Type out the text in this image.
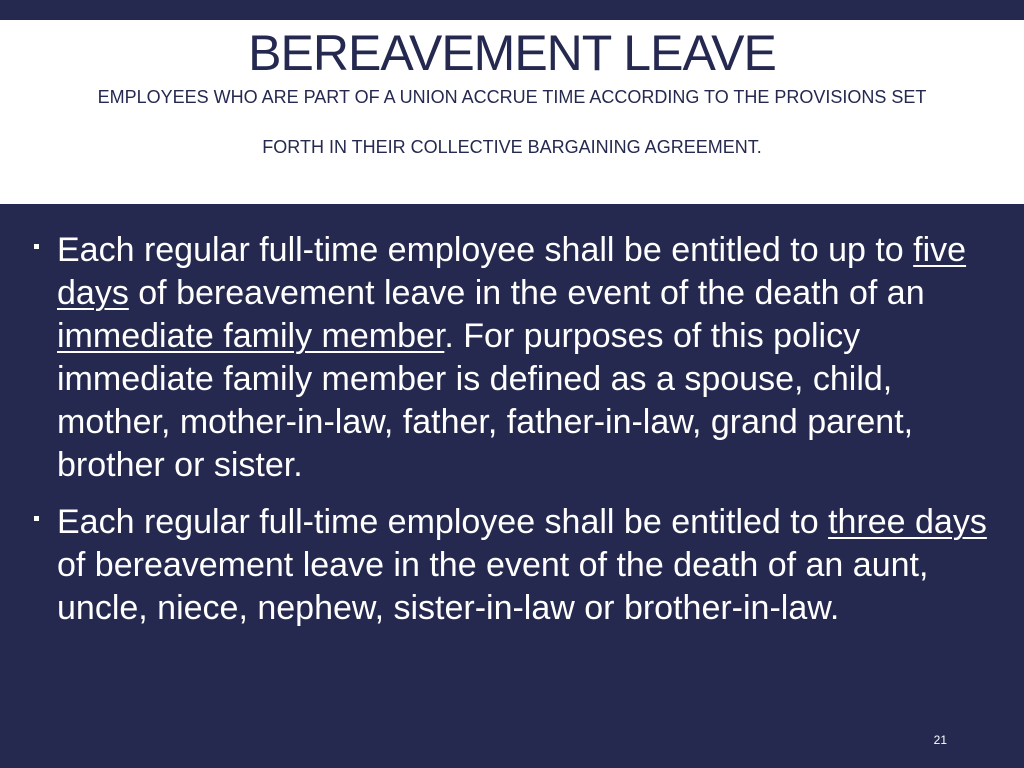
BEREAVEMENT LEAVE
EMPLOYEES WHO ARE PART OF A UNION ACCRUE TIME ACCORDING TO THE PROVISIONS SET
FORTH IN THEIR COLLECTIVE BARGAINING AGREEMENT.
Each regular full-time employee shall be entitled to up to five days of bereavement leave in the event of the death of an immediate family member. For purposes of this policy immediate family member is defined as a spouse, child, mother, mother-in-law, father, father-in-law, grand parent, brother or sister.
Each regular full-time employee shall be entitled to three days of bereavement leave in the event of the death of an aunt, uncle, niece, nephew, sister-in-law or brother-in-law.
21
